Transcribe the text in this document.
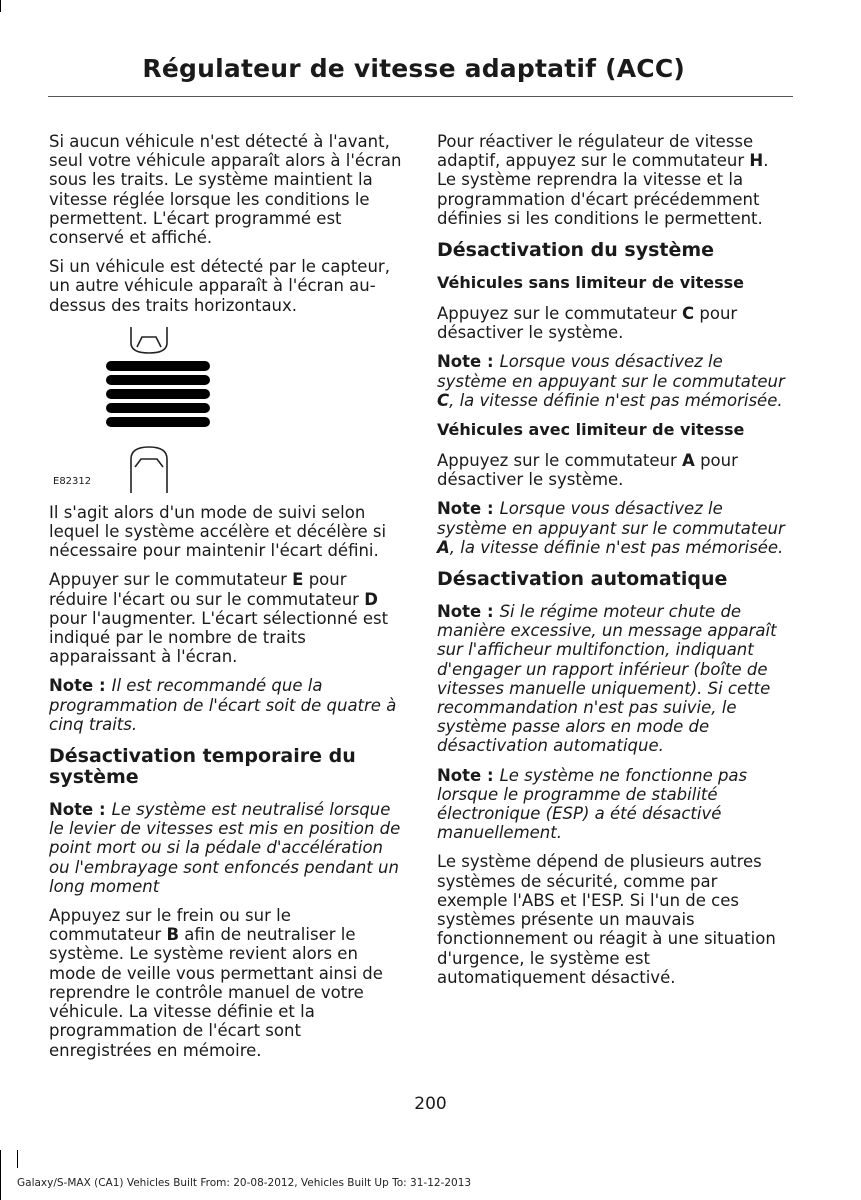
Régulateur de vitesse adaptatif (ACC)

Si aucun véhicule n'est détecté à l'avant, seul votre véhicule apparaît alors à l'écran sous les traits. Le système maintient la vitesse réglée lorsque les conditions le permettent. L'écart programmé est conservé et affiché.

Si un véhicule est détecté par le capteur, un autre véhicule apparaît à l'écran au-dessus des traits horizontaux.

E82312

Il s'agit alors d'un mode de suivi selon lequel le système accélère et décélère si nécessaire pour maintenir l'écart défini.

Appuyer sur le commutateur E pour réduire l'écart ou sur le commutateur D pour l'augmenter. L'écart sélectionné est indiqué par le nombre de traits apparaissant à l'écran.

Note : Il est recommandé que la programmation de l'écart soit de quatre à cinq traits.

Désactivation temporaire du système

Note : Le système est neutralisé lorsque le levier de vitesses est mis en position de point mort ou si la pédale d'accélération ou l'embrayage sont enfoncés pendant un long moment

Appuyez sur le frein ou sur le commutateur B afin de neutraliser le système. Le système revient alors en mode de veille vous permettant ainsi de reprendre le contrôle manuel de votre véhicule. La vitesse définie et la programmation de l'écart sont enregistrées en mémoire.

Pour réactiver le régulateur de vitesse adaptif, appuyez sur le commutateur H. Le système reprendra la vitesse et la programmation d'écart précédemment définies si les conditions le permettent.

Désactivation du système
Véhicules sans limiteur de vitesse

Appuyez sur le commutateur C pour désactiver le système.

Note : Lorsque vous désactivez le système en appuyant sur le commutateur C, la vitesse définie n'est pas mémorisée.

Véhicules avec limiteur de vitesse

Appuyez sur le commutateur A pour désactiver le système.

Note : Lorsque vous désactivez le système en appuyant sur le commutateur A, la vitesse définie n'est pas mémorisée.

Désactivation automatique

Note : Si le régime moteur chute de manière excessive, un message apparaît sur l'afficheur multifonction, indiquant d'engager un rapport inférieur (boîte de vitesses manuelle uniquement). Si cette recommandation n'est pas suivie, le système passe alors en mode de désactivation automatique.

Note : Le système ne fonctionne pas lorsque le programme de stabilité électronique (ESP) a été désactivé manuellement.

Le système dépend de plusieurs autres systèmes de sécurité, comme par exemple l'ABS et l'ESP. Si l'un de ces systèmes présente un mauvais fonctionnement ou réagit à une situation d'urgence, le système est automatiquement désactivé.

200
Galaxy/S-MAX (CA1) Vehicles Built From: 20-08-2012, Vehicles Built Up To: 31-12-2013
